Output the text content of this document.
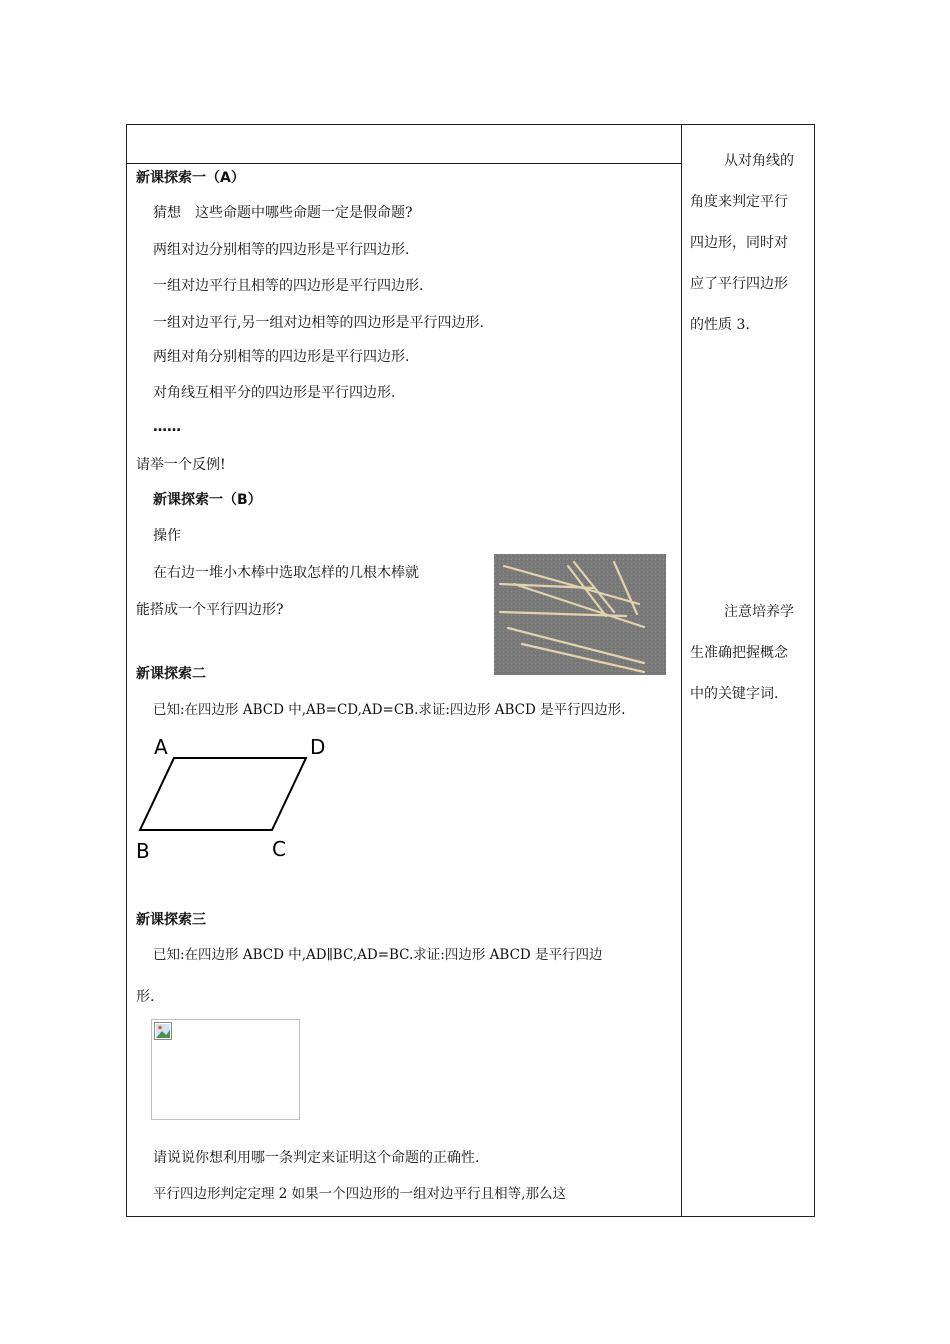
新课探索一（A）
猜想　这些命题中哪些命题一定是假命题?
两组对边分别相等的四边形是平行四边形.
一组对边平行且相等的四边形是平行四边形.
一组对边平行,另一组对边相等的四边形是平行四边形.
两组对角分别相等的四边形是平行四边形.
对角线互相平分的四边形是平行四边形.
……
请举一个反例!
新课探索一（B）
操作
在右边一堆小木棒中选取怎样的几根木棒就
能搭成一个平行四边形?
新课探索二
已知:在四边形 ABCD 中,AB=CD,AD=CB.求证:四边形 ABCD 是平行四边形.
A	D
B	C
新课探索三
已知:在四边形 ABCD 中,AD∥BC,AD=BC.求证:四边形 ABCD 是平行四边
形.
请说说你想利用哪一条判定来证明这个命题的正确性.
平行四边形判定定理 2 如果一个四边形的一组对边平行且相等,那么这
从对角线的
角度来判定平行
四边形，同时对
应了平行四边形
的性质 3.
注意培养学
生准确把握概念
中的关键字词.
